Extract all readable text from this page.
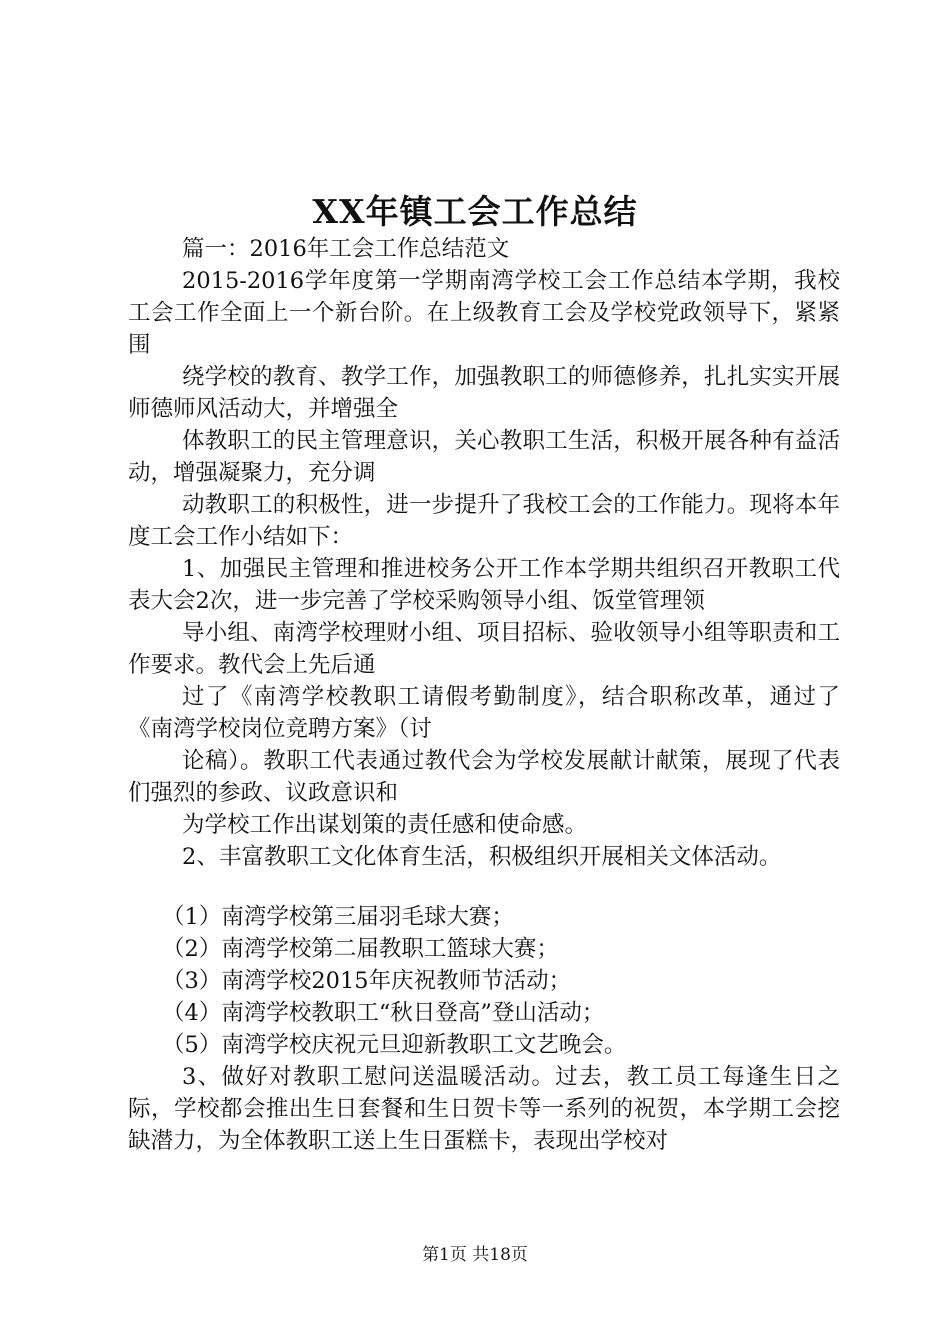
XX年镇工会工作总结

篇一：2016年工会工作总结范文

2015-2016学年度第一学期南湾学校工会工作总结本学期，我校工会工作全面上一个新台阶。在上级教育工会及学校党政领导下，紧紧围

绕学校的教育、教学工作，加强教职工的师德修养，扎扎实实开展师德师风活动大，并增强全

体教职工的民主管理意识，关心教职工生活，积极开展各种有益活动，增强凝聚力，充分调

动教职工的积极性，进一步提升了我校工会的工作能力。现将本年度工会工作小结如下：

1、加强民主管理和推进校务公开工作本学期共组织召开教职工代表大会2次，进一步完善了学校采购领导小组、饭堂管理领

导小组、南湾学校理财小组、项目招标、验收领导小组等职责和工作要求。教代会上先后通

过了《南湾学校教职工请假考勤制度》，结合职称改革，通过了《南湾学校岗位竞聘方案》（讨

论稿）。教职工代表通过教代会为学校发展献计献策，展现了代表们强烈的参政、议政意识和

为学校工作出谋划策的责任感和使命感。

2、丰富教职工文化体育生活，积极组织开展相关文体活动。

（1）南湾学校第三届羽毛球大赛；
（2）南湾学校第二届教职工篮球大赛；
（3）南湾学校2015年庆祝教师节活动；
（4）南湾学校教职工“秋日登高”登山活动；
（5）南湾学校庆祝元旦迎新教职工文艺晚会。

3、做好对教职工慰问送温暖活动。过去，教工员工每逢生日之际，学校都会推出生日套餐和生日贺卡等一系列的祝贺，本学期工会挖缺潜力，为全体教职工送上生日蛋糕卡，表现出学校对

第1页 共18页
